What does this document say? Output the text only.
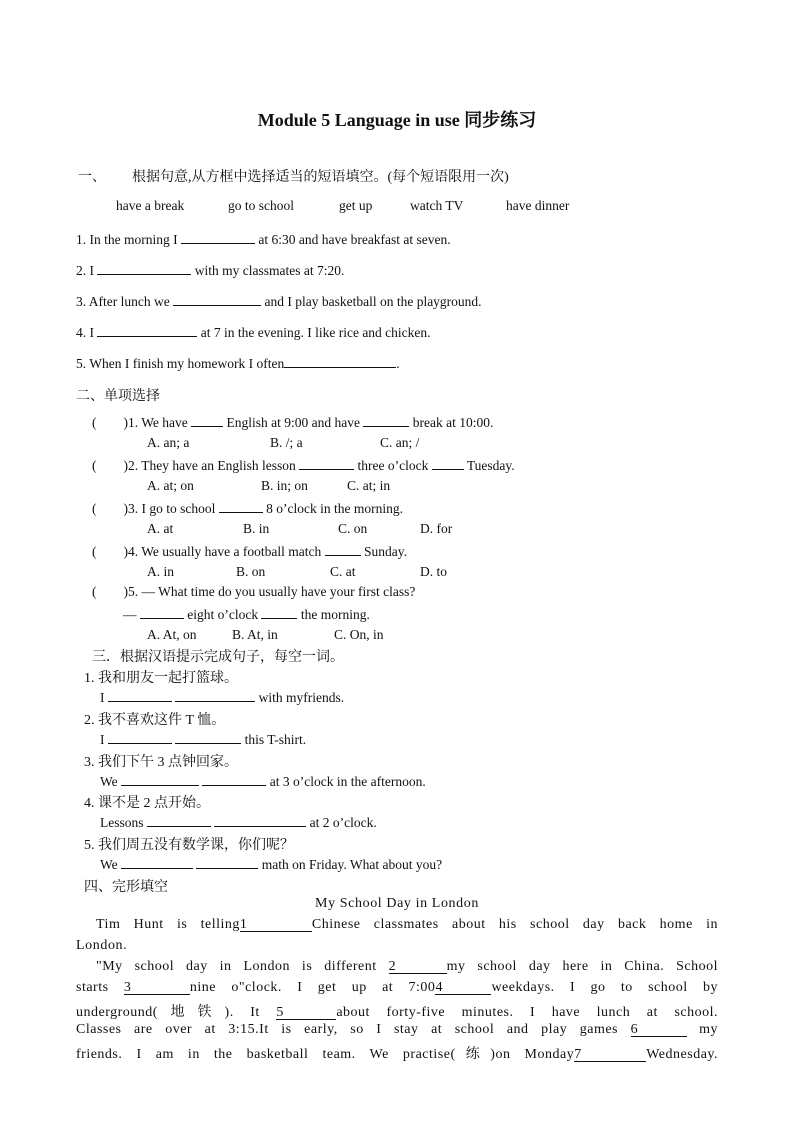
Module 5 Language in use 同步练习
一、 根据句意,从方框中选择适当的短语填空。(每个短语限用一次)
have a break	go to school	get up	watch TV	have dinner
1. In the morning I	at 6:30 and have breakfast at seven.
2. I	with my classmates at 7:20.
3. After lunch we	and I play basketball on the playground.
4. I	at 7 in the evening. I like rice and chicken.
5. When I finish my homework I often	.
二、单项选择
(        )1. We have	English at 9:00 and have	break at 10:00.
A. an; a	B. /; a	C. an; /
(        )2. They have an English lesson	three o’clock	Tuesday.
A. at; on	B. in; on	C. at; in
(        )3. I go to school	8 o’clock in the morning.
A. at	B. in	C. on	D. for
(        )4. We usually have a football match	Sunday.
A. in	B. on	C. at	D. to
(        )5. — What time do you usually have your first class?
—	eight o’clock	the morning.
A. At, on	B. At, in	C. On, in
三．根据汉语提示完成句子，每空一词。
1. 我和朋友一起打篮球。
I	with myfriends.
2. 我不喜欢这件 T 恤。
I	this T-shirt.
3. 我们下午 3 点钟回家。
We	at 3 o’clock in the afternoon.
4. 课不是 2 点开始。
Lessons	at 2 o’clock.
5. 我们周五没有数学课，你们呢？
We	math on Friday. What about you?
四、完形填空
My School Day in London
Tim Hunt is telling1	Chinese classmates about his school day back home in
London.
"My school day in London is different 2	my school day here in China. School
starts 3	nine o"clock. I get up at 7:004	weekdays. I go to school by
underground(地铁). It 5	about forty-five minutes. I have lunch at school.
Classes are over at 3:15.It is early, so I stay at school and play games 6	my
friends. I am in the basketball team. We practise(练)on Monday7	Wednesday.
